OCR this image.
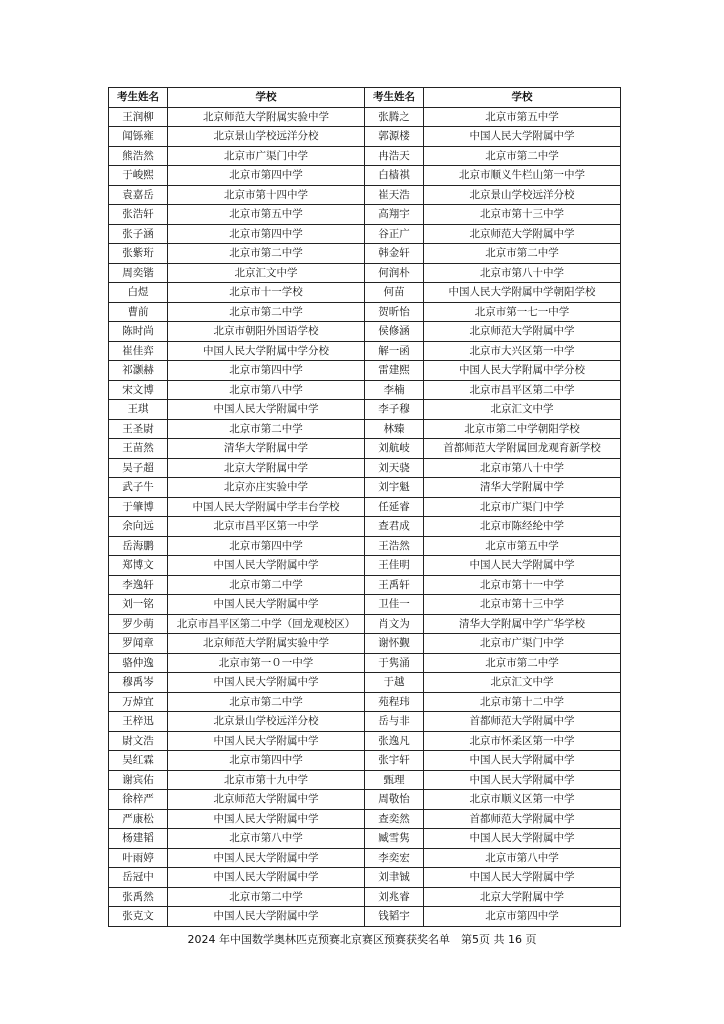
考生姓名	学校	考生姓名	学校
王润柳	北京师范大学附属实验中学	张腾之	北京市第五中学
闻铄雍	北京景山学校远洋分校	郭源楼	中国人民大学附属中学
熊浩然	北京市广渠门中学	冉浩天	北京市第二中学
于峻熙	北京市第四中学	白樯祺	北京市顺义牛栏山第一中学
袁嘉岳	北京市第十四中学	崔天浩	北京景山学校远洋分校
张浩轩	北京市第五中学	高翔宇	北京市第十三中学
张子涵	北京市第四中学	谷正广	北京师范大学附属中学
张紫珩	北京市第二中学	韩金轩	北京市第二中学
周奕锴	北京汇文中学	何润朴	北京市第八十中学
白煜	北京市十一学校	何苗	中国人民大学附属中学朝阳学校
曹前	北京市第二中学	贺昕怡	北京市第一七一中学
陈时尚	北京市朝阳外国语学校	侯修涵	北京师范大学附属中学
崔佳弈	中国人民大学附属中学分校	解一函	北京市大兴区第一中学
祁灏赫	北京市第四中学	雷建熙	中国人民大学附属中学分校
宋文博	北京市第八中学	李楠	北京市昌平区第二中学
王琪	中国人民大学附属中学	李子穆	北京汇文中学
王圣尉	北京市第二中学	林臻	北京市第二中学朝阳学校
王苗然	清华大学附属中学	刘航岐	首都师范大学附属回龙观育新学校
吴子超	北京大学附属中学	刘天骁	北京市第八十中学
武子牛	北京亦庄实验中学	刘宇魁	清华大学附属中学
于肇博	中国人民大学附属中学丰台学校	任延睿	北京市广渠门中学
余向远	北京市昌平区第一中学	查君成	北京市陈经纶中学
岳海鹏	北京市第四中学	王浩然	北京市第五中学
郑博文	中国人民大学附属中学	王佳明	中国人民大学附属中学
李逸轩	北京市第二中学	王禹轩	北京市第十一中学
刘一铭	中国人民大学附属中学	卫佳一	北京市第十三中学
罗少萌	北京市昌平区第二中学（回龙观校区）	肖文为	清华大学附属中学广华学校
罗闻章	北京师范大学附属实验中学	谢怀觐	北京市广渠门中学
骆仲逸	北京市第一０一中学	于隽涌	北京市第二中学
穆禹岑	中国人民大学附属中学	于越	北京汇文中学
万焯宜	北京市第二中学	苑程玮	北京市第十二中学
王梓迅	北京景山学校远洋分校	岳与非	首都师范大学附属中学
尉文浩	中国人民大学附属中学	张逸凡	北京市怀柔区第一中学
吴红霖	北京市第四中学	张宇轩	中国人民大学附属中学
谢宾佑	北京市第十九中学	甄理	中国人民大学附属中学
徐梓严	北京师范大学附属中学	周敬怡	北京市顺义区第一中学
严康松	中国人民大学附属中学	查奕然	首都师范大学附属中学
杨建韬	北京市第八中学	臧雪隽	中国人民大学附属中学
叶雨婷	中国人民大学附属中学	李奕宏	北京市第八中学
岳冠中	中国人民大学附属中学	刘聿铖	中国人民大学附属中学
张禹然	北京市第二中学	刘兆睿	北京大学附属中学
张克文	中国人民大学附属中学	钱韬宇	北京市第四中学
2024 年中国数学奥林匹克预赛北京赛区预赛获奖名单　第5页 共 16 页
